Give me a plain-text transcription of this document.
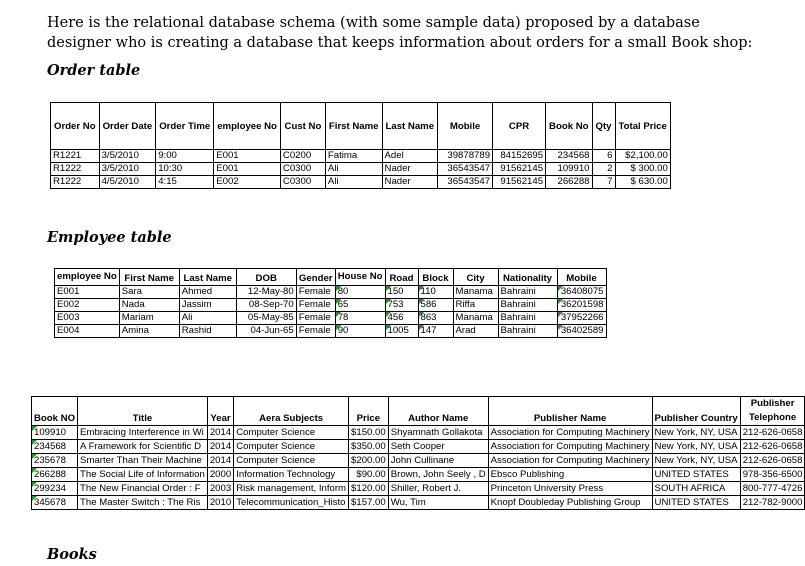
Here is the relational database schema (with some sample data) proposed by a database designer who is creating a database that keeps information about orders for a small Book shop:
Order table
Order No	Order Date	Order Time	employee No	Cust No	First Name	Last Name	Mobile	CPR	Book No	Qty	Total Price
R1221	3/5/2010	9:00	E001	C0200	Fatima	Adel	39878789	84152695	234568	6	$2,100.00
R1222	3/5/2010	10:30	E001	C0300	Ali	Nader	36543547	91562145	109910	2	$ 300.00
R1222	4/5/2010	4:15	E002	C0300	Ali	Nader	36543547	91562145	266288	7	$ 630.00
Employee table
employee No	First Name	Last Name	DOB	Gender	House No	Road	Block	City	Nationality	Mobile
E001	Sara	Ahmed	12-May-80	Female	80	150	110	Manama	Bahraini	36408075
E002	Nada	Jassim	08-Sep-70	Female	65	753	586	Riffa	Bahraini	36201598
E003	Mariam	Ali	05-May-85	Female	78	456	863	Manama	Bahraini	37952266
E004	Amina	Rashid	04-Jun-65	Female	90	1005	147	Arad	Bahraini	36402589
Book NO	Title	Year	Aera Subjects	Price	Author Name	Publisher Name	Publisher Country	Publisher Telephone
109910	Embracing Interference in Wi	2014	Computer Science	$150.00	Shyamnath Gollakota	Association for Computing Machinery	New York, NY, USA	212-626-0658
234568	A Framework for Scientific D	2014	Computer Science	$350.00	Seth Cooper	Association for Computing Machinery	New York, NY, USA	212-626-0658
235678	Smarter Than Their Machine	2014	Computer Science	$200.00	John Cullinane	Association for Computing Machinery	New York, NY, USA	212-626-0658
266288	The Social Life of Information	2000	Information Technology	$90.00	Brown, John Seely , D	Ebsco Publishing	UNITED STATES	978-356-6500
299234	The New Financial Order : F	2003	Risk management, Inform	$120.00	Shiller, Robert J.	Princeton University Press	SOUTH AFRICA	800-777-4726
345678	The Master Switch : The Ris	2010	Telecommunication_Histo	$157.00	Wu, Tim	Knopf Doubleday Publishing Group	UNITED STATES	212-782-9000
Books
